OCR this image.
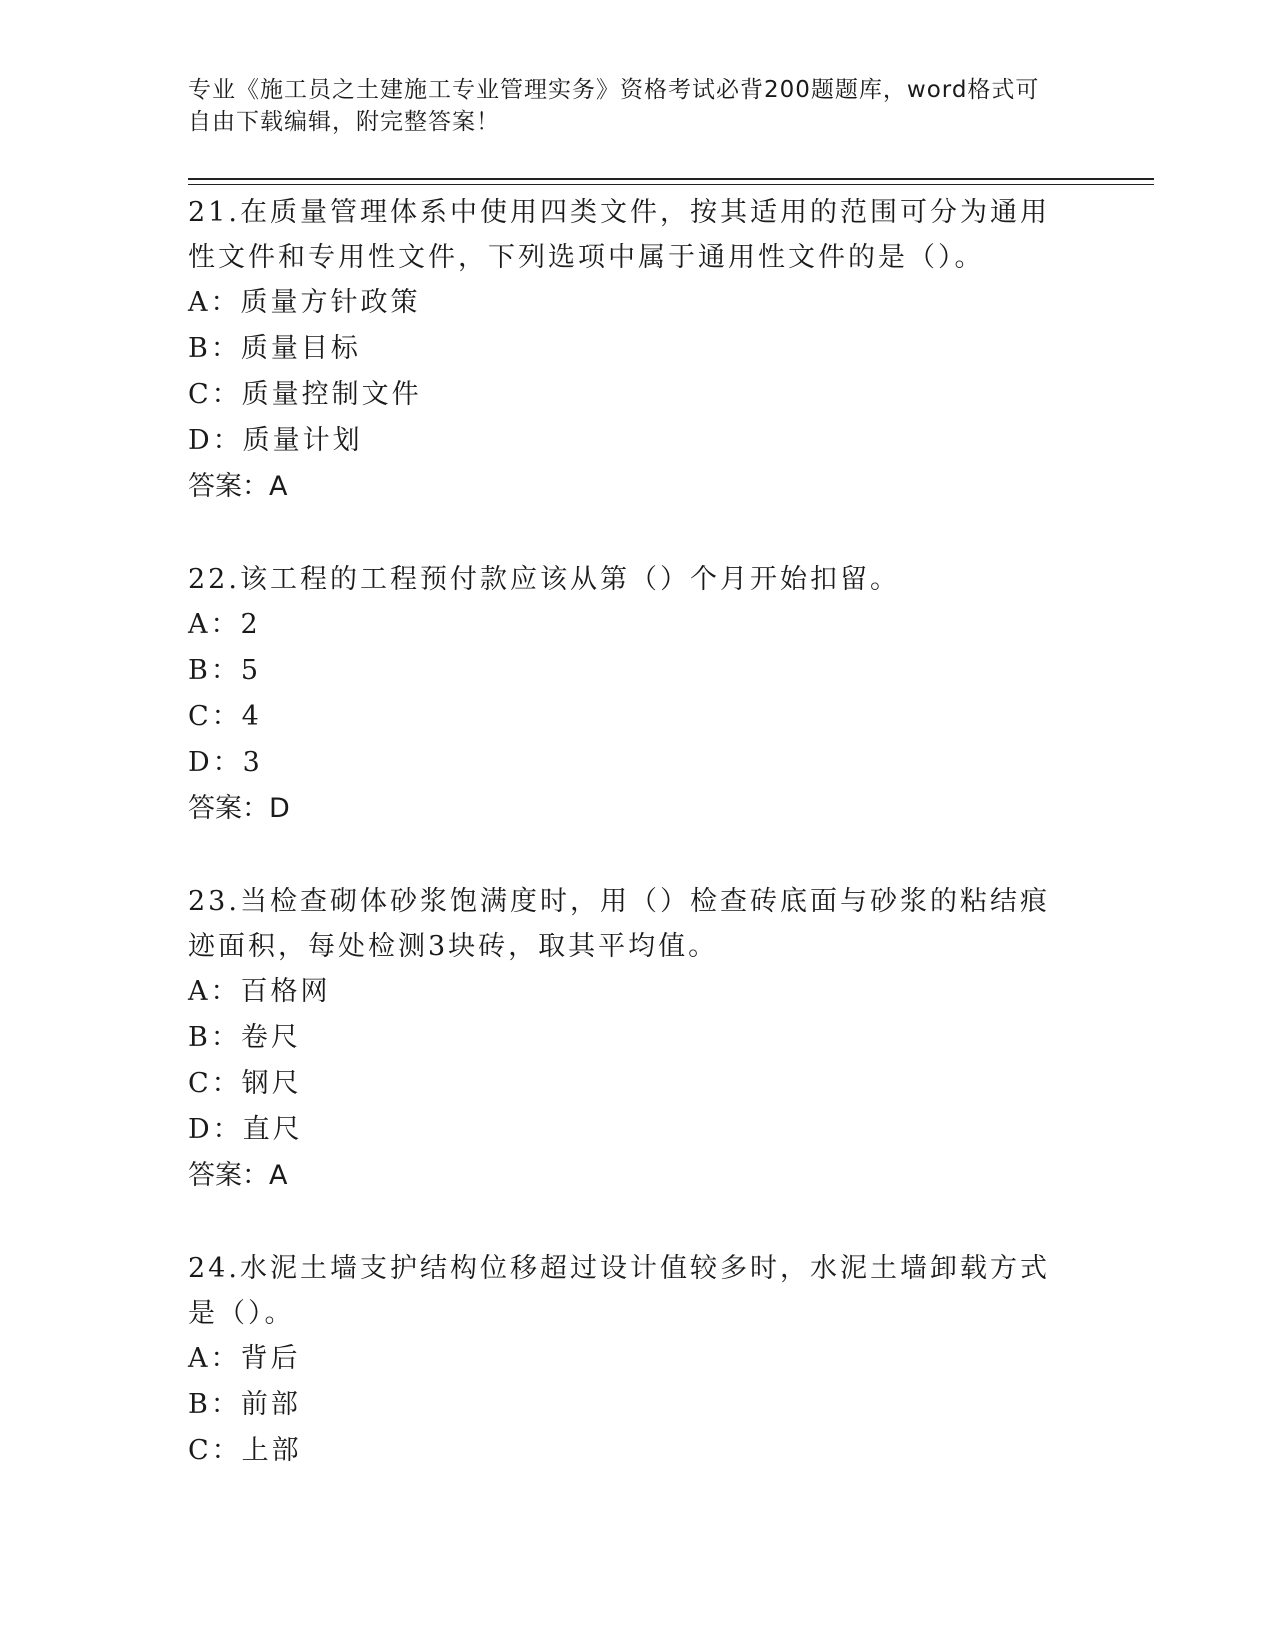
专业《施工员之土建施工专业管理实务》资格考试必背200题题库，word格式可
自由下载编辑，附完整答案！

21.在质量管理体系中使用四类文件，按其适用的范围可分为通用性文件和专用性文件，下列选项中属于通用性文件的是（）。

A：质量方针政策

B：质量目标

C：质量控制文件

D：质量计划

答案：A

22.该工程的工程预付款应该从第（）个月开始扣留。

A：2

B：5

C：4

D：3

答案：D

23.当检查砌体砂浆饱满度时，用（）检查砖底面与砂浆的粘结痕迹面积，每处检测3块砖，取其平均值。

A：百格网

B：卷尺

C：钢尺

D：直尺

答案：A

24.水泥土墙支护结构位移超过设计值较多时，水泥土墙卸载方式是（）。

A：背后

B：前部

C：上部
